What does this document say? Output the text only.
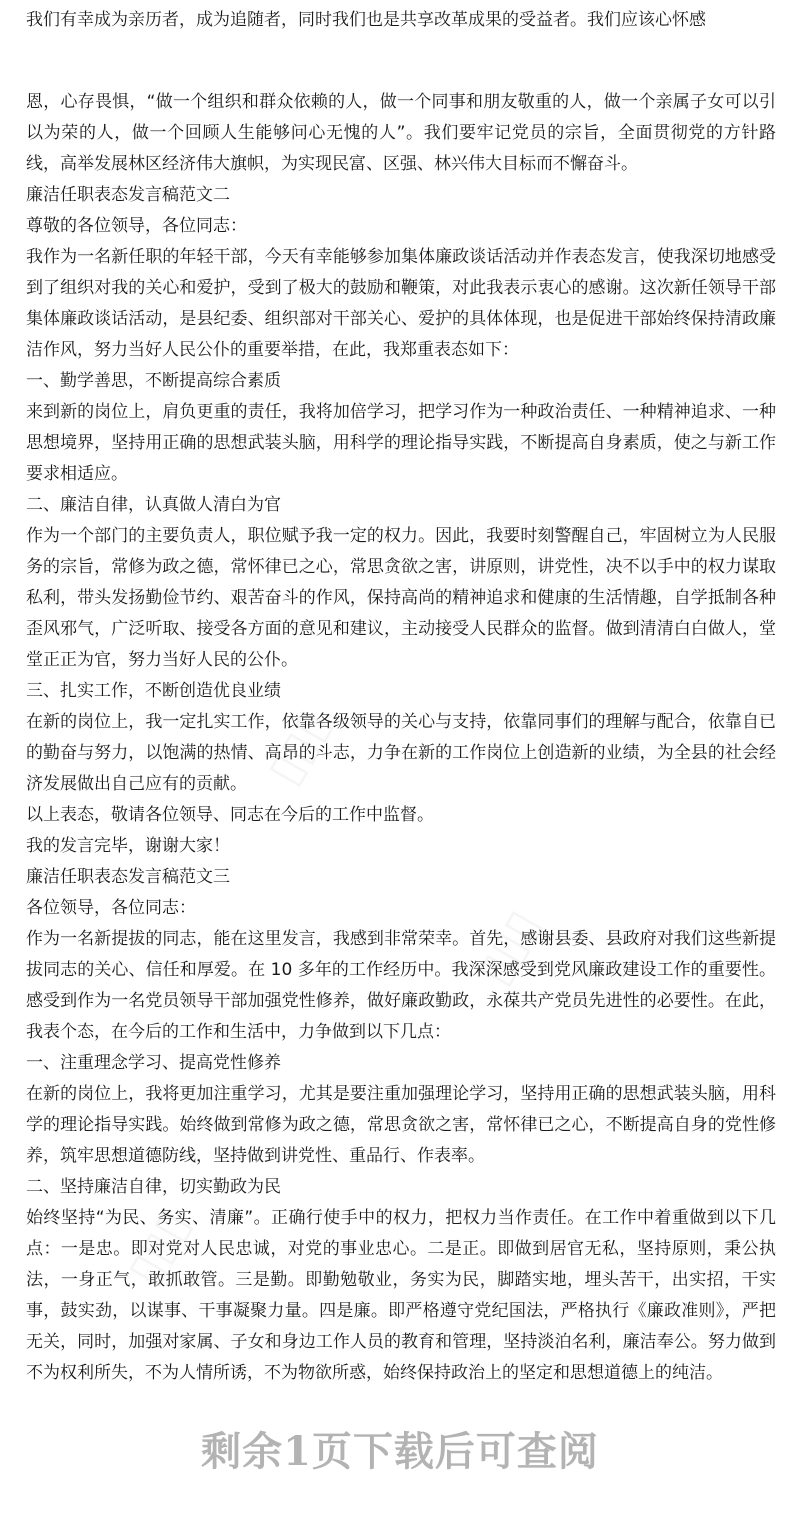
我们有幸成为亲历者，成为追随者，同时我们也是共享改革成果的受益者。我们应该心怀感

恩，心存畏惧，“做一个组织和群众依赖的人，做一个同事和朋友敬重的人，做一个亲属子女可以引以为荣的人，做一个回顾人生能够问心无愧的人”。我们要牢记党员的宗旨，全面贯彻党的方针路线，高举发展林区经济伟大旗帜，为实现民富、区强、林兴伟大目标而不懈奋斗。

廉洁任职表态发言稿范文二

尊敬的各位领导，各位同志：

我作为一名新任职的年轻干部，今天有幸能够参加集体廉政谈话活动并作表态发言，使我深切地感受到了组织对我的关心和爱护，受到了极大的鼓励和鞭策，对此我表示衷心的感谢。这次新任领导干部集体廉政谈话活动，是县纪委、组织部对干部关心、爱护的具体体现，也是促进干部始终保持清政廉洁作风，努力当好人民公仆的重要举措，在此，我郑重表态如下：

一、勤学善思，不断提高综合素质

来到新的岗位上，肩负更重的责任，我将加倍学习，把学习作为一种政治责任、一种精神追求、一种思想境界，坚持用正确的思想武装头脑，用科学的理论指导实践，不断提高自身素质，使之与新工作要求相适应。

二、廉洁自律，认真做人清白为官

作为一个部门的主要负责人，职位赋予我一定的权力。因此，我要时刻警醒自己，牢固树立为人民服务的宗旨，常修为政之德，常怀律已之心，常思贪欲之害，讲原则，讲党性，决不以手中的权力谋取私利，带头发扬勤俭节约、艰苦奋斗的作风，保持高尚的精神追求和健康的生活情趣，自学抵制各种歪风邪气，广泛听取、接受各方面的意见和建议，主动接受人民群众的监督。做到清清白白做人，堂堂正正为官，努力当好人民的公仆。

三、扎实工作，不断创造优良业绩

在新的岗位上，我一定扎实工作，依靠各级领导的关心与支持，依靠同事们的理解与配合，依靠自已的勤奋与努力，以饱满的热情、高昂的斗志，力争在新的工作岗位上创造新的业绩，为全县的社会经济发展做出自己应有的贡献。

以上表态，敬请各位领导、同志在今后的工作中监督。

我的发言完毕，谢谢大家！

廉洁任职表态发言稿范文三

各位领导，各位同志：

作为一名新提拔的同志，能在这里发言，我感到非常荣幸。首先，感谢县委、县政府对我们这些新提拔同志的关心、信任和厚爱。在 10 多年的工作经历中。我深深感受到党风廉政建设工作的重要性。感受到作为一名党员领导干部加强党性修养，做好廉政勤政，永葆共产党员先进性的必要性。在此，我表个态，在今后的工作和生活中，力争做到以下几点：

一、注重理念学习、提高党性修养

在新的岗位上，我将更加注重学习，尤其是要注重加强理论学习，坚持用正确的思想武装头脑，用科学的理论指导实践。始终做到常修为政之德，常思贪欲之害，常怀律已之心，不断提高自身的党性修养，筑牢思想道德防线，坚持做到讲党性、重品行、作表率。

二、坚持廉洁自律，切实勤政为民

始终坚持“为民、务实、清廉”。正确行使手中的权力，把权力当作责任。在工作中着重做到以下几点：一是忠。即对党对人民忠诚，对党的事业忠心。二是正。即做到居官无私，坚持原则，秉公执法，一身正气，敢抓敢管。三是勤。即勤勉敬业，务实为民，脚踏实地，埋头苦干，出实招，干实事，鼓实劲，以谋事、干事凝聚力量。四是廉。即严格遵守党纪国法，严格执行《廉政准则》，严把无关，同时，加强对家属、子女和身边工作人员的教育和管理，坚持淡泊名利，廉洁奉公。努力做到不为权利所失，不为人情所诱，不为物欲所惑，始终保持政治上的坚定和思想道德上的纯洁。

▯▯▯
▯▯▯
▯▯▯
剩余1页下载后可查阅
